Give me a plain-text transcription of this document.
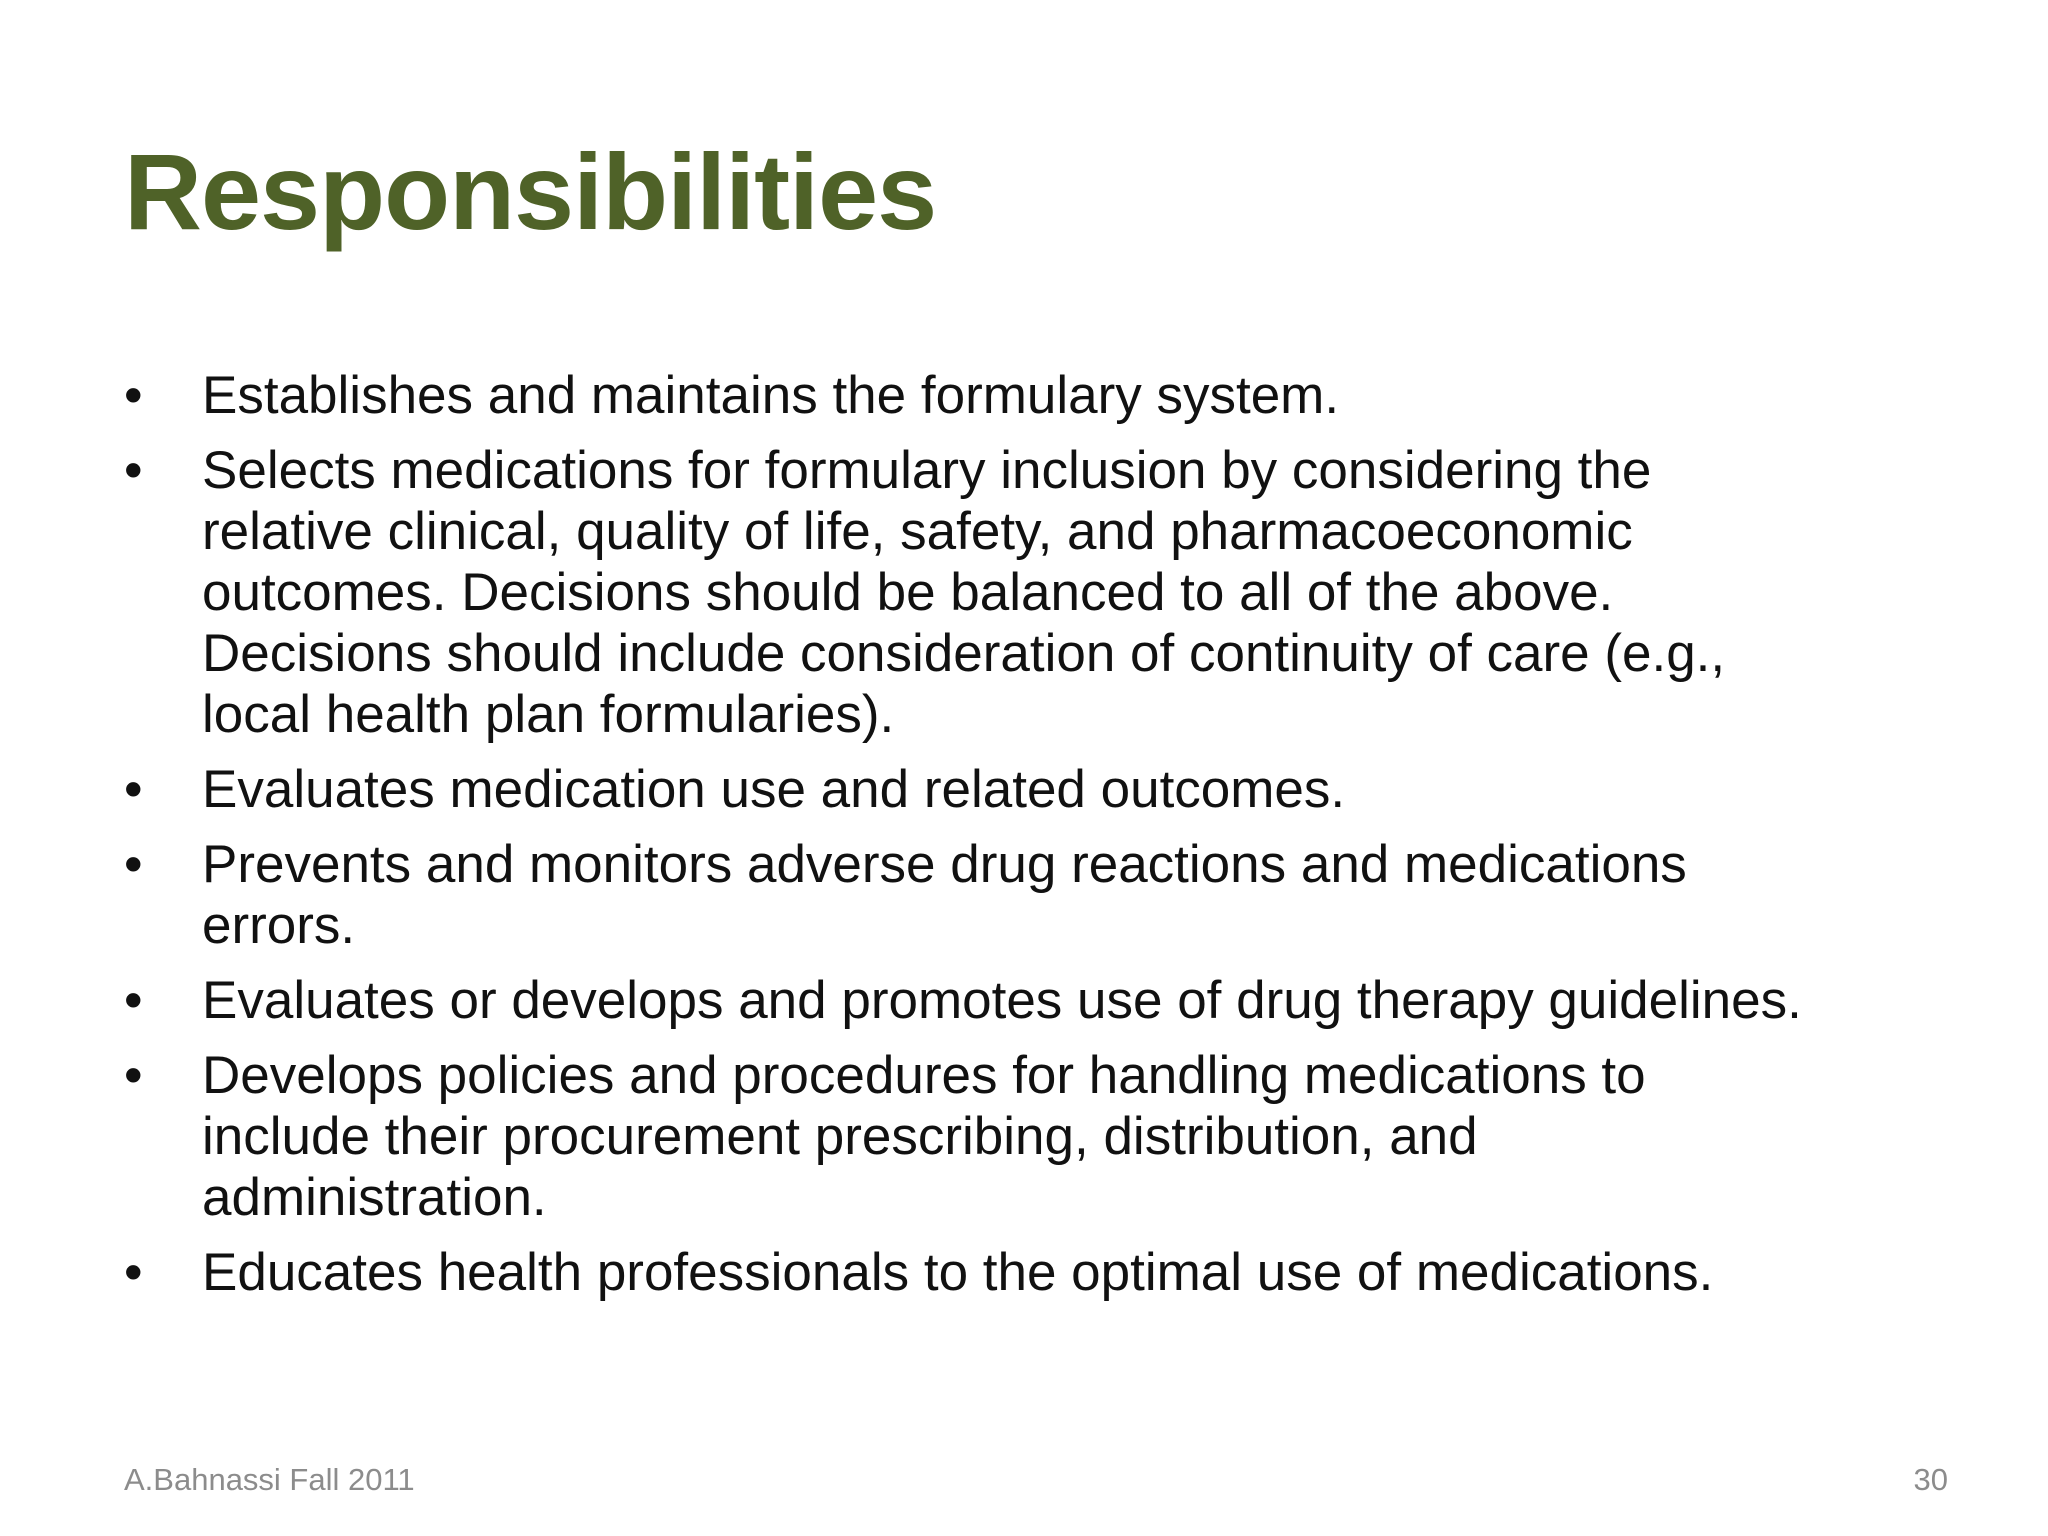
Responsibilities
• Establishes and maintains the formulary system.
• Selects medications for formulary inclusion by considering the
relative clinical, quality of life, safety, and pharmacoeconomic
outcomes. Decisions should be balanced to all of the above.
Decisions should include consideration of continuity of care (e.g.,
local health plan formularies).
• Evaluates medication use and related outcomes.
• Prevents and monitors adverse drug reactions and medications
errors.
• Evaluates or develops and promotes use of drug therapy guidelines.
• Develops policies and procedures for handling medications to
include their procurement prescribing, distribution, and
administration.
• Educates health professionals to the optimal use of medications.
A.Bahnassi Fall 2011	30
